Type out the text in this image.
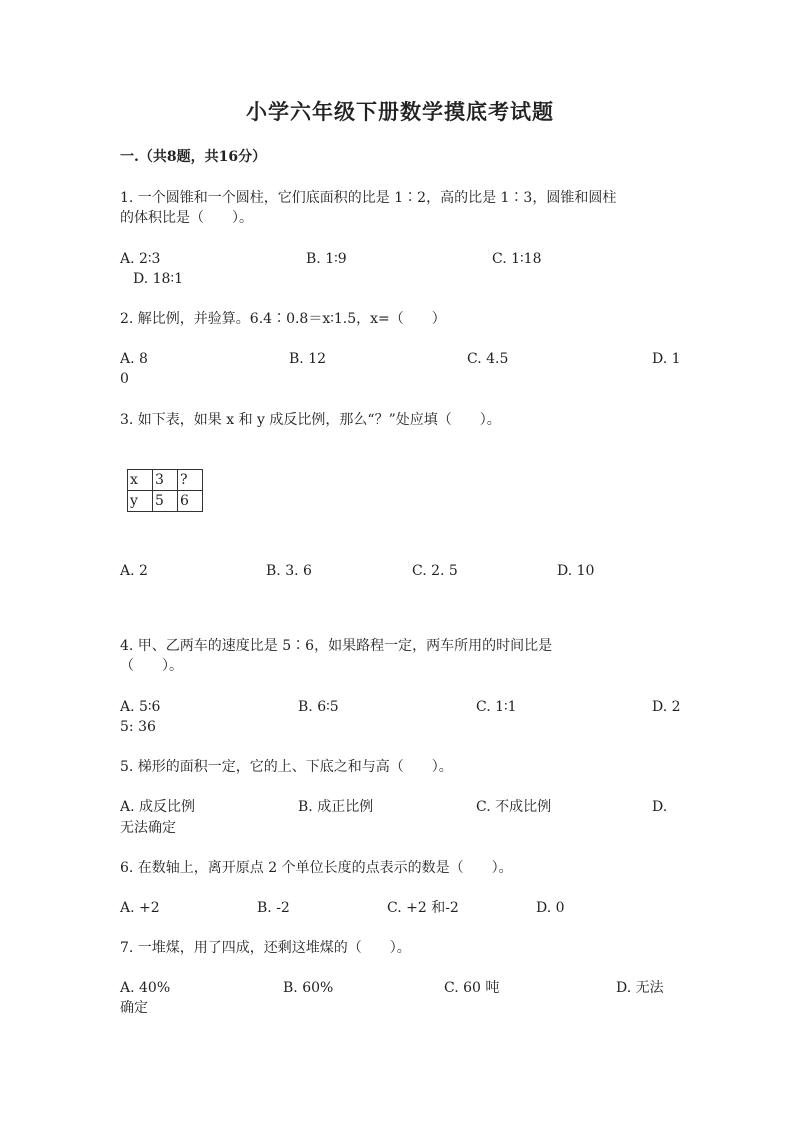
小学六年级下册数学摸底考试题
一.（共8题，共16分）
1. 一个圆锥和一个圆柱，它们底面积的比是 1∶2，高的比是 1∶3，圆锥和圆柱
的体积比是（　　）。
A. 2∶3	B. 1∶9	C. 1∶18
D. 18∶1
2. 解比例，并验算。6.4∶0.8＝x∶1.5，x=（　　）
A. 8	B. 12	C. 4.5	D. 1
0
3. 如下表，如果 x 和 y 成反比例，那么“？”处应填（　　）。
x	3	?
y	5	6
A. 2	B. 3. 6	C. 2. 5	D. 10
4. 甲、乙两车的速度比是 5∶6，如果路程一定，两车所用的时间比是
（　　）。
A. 5∶6	B. 6∶5	C. 1∶1	D. 2
5: 36
5. 梯形的面积一定，它的上、下底之和与高（　　）。
A. 成反比例	B. 成正比例	C. 不成比例	D.
无法确定
6. 在数轴上，离开原点 2 个单位长度的点表示的数是（　　）。
A. +2	B. -2	C. +2 和-2	D. 0
7. 一堆煤，用了四成，还剩这堆煤的（　　）。
A. 40%	B. 60%	C. 60 吨	D. 无法
确定
